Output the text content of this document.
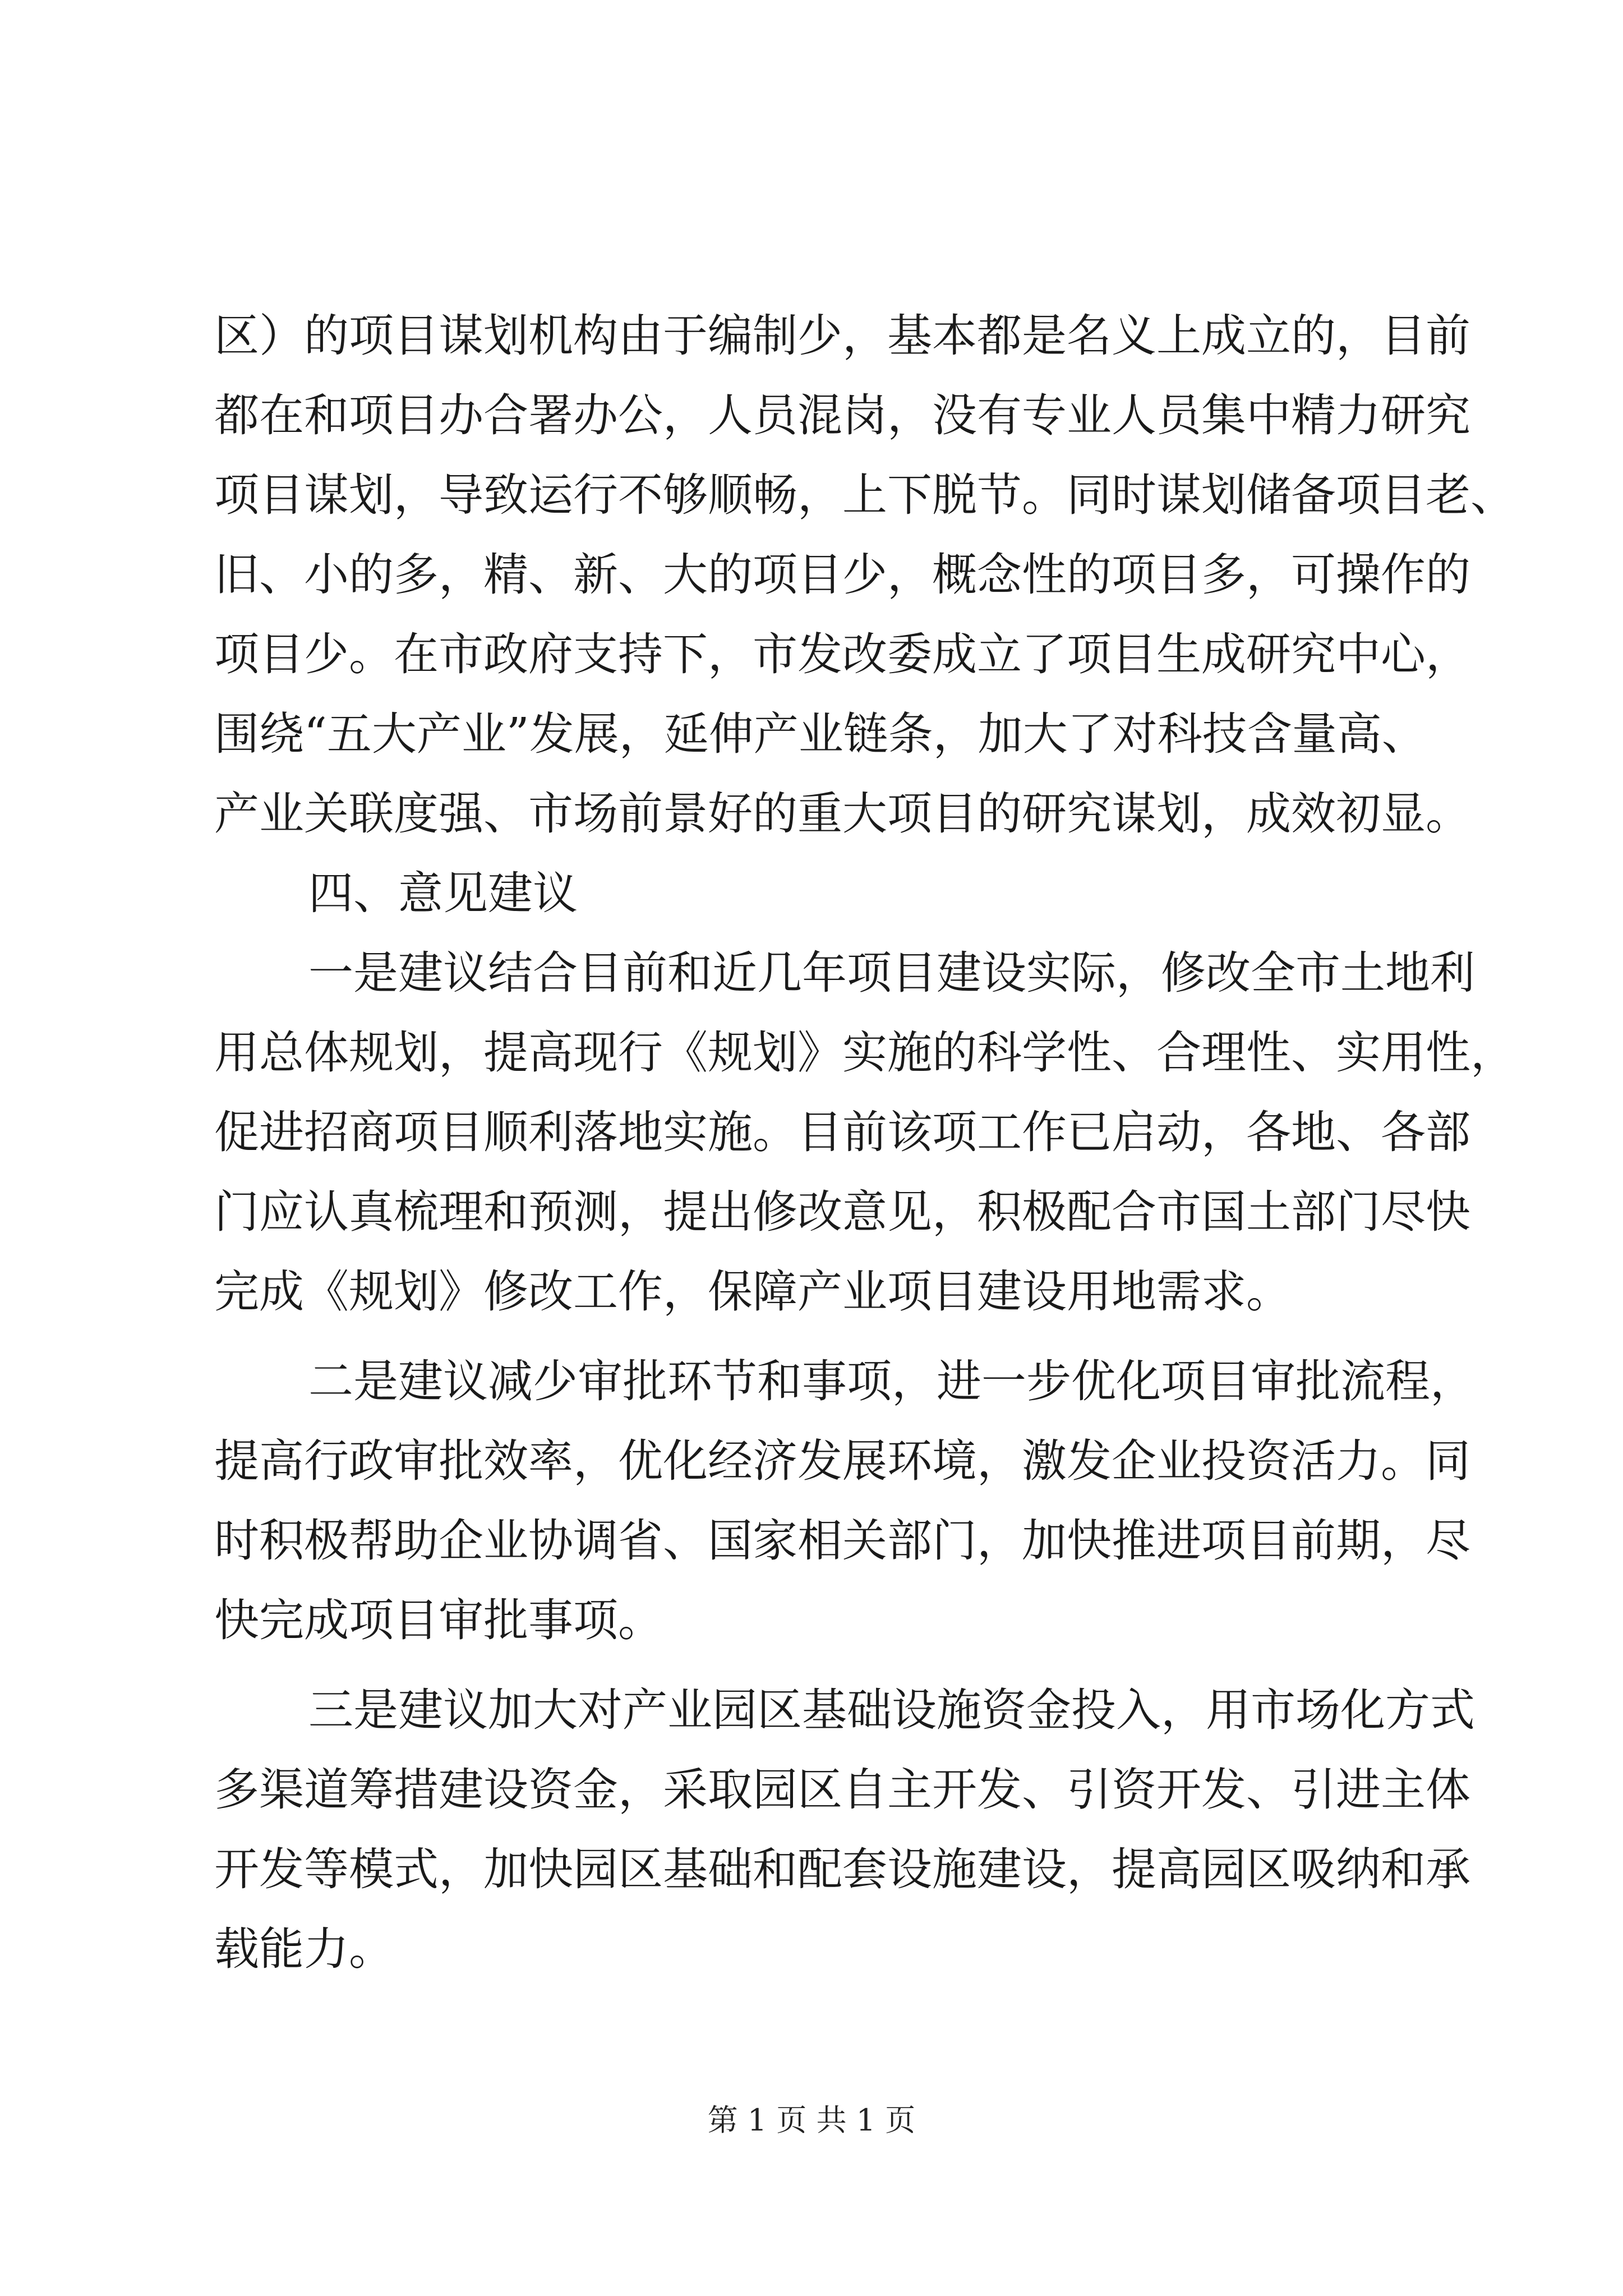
区）的项目谋划机构由于编制少，基本都是名义上成立的，目前
都在和项目办合署办公，人员混岗，没有专业人员集中精力研究
项目谋划，导致运行不够顺畅，上下脱节。同时谋划储备项目老、
旧、小的多，精、新、大的项目少，概念性的项目多，可操作的
项目少。在市政府支持下，市发改委成立了项目生成研究中心，
围绕“五大产业”发展，延伸产业链条，加大了对科技含量高、
产业关联度强、市场前景好的重大项目的研究谋划，成效初显。
四、意见建议
一是建议结合目前和近几年项目建设实际，修改全市土地利
用总体规划，提高现行《规划》实施的科学性、合理性、实用性，
促进招商项目顺利落地实施。目前该项工作已启动，各地、各部
门应认真梳理和预测，提出修改意见，积极配合市国土部门尽快
完成《规划》修改工作，保障产业项目建设用地需求。
二是建议减少审批环节和事项，进一步优化项目审批流程，
提高行政审批效率，优化经济发展环境，激发企业投资活力。同
时积极帮助企业协调省、国家相关部门，加快推进项目前期，尽
快完成项目审批事项。
三是建议加大对产业园区基础设施资金投入，用市场化方式
多渠道筹措建设资金，采取园区自主开发、引资开发、引进主体
开发等模式，加快园区基础和配套设施建设，提高园区吸纳和承
载能力。
第 1 页 共 1 页
